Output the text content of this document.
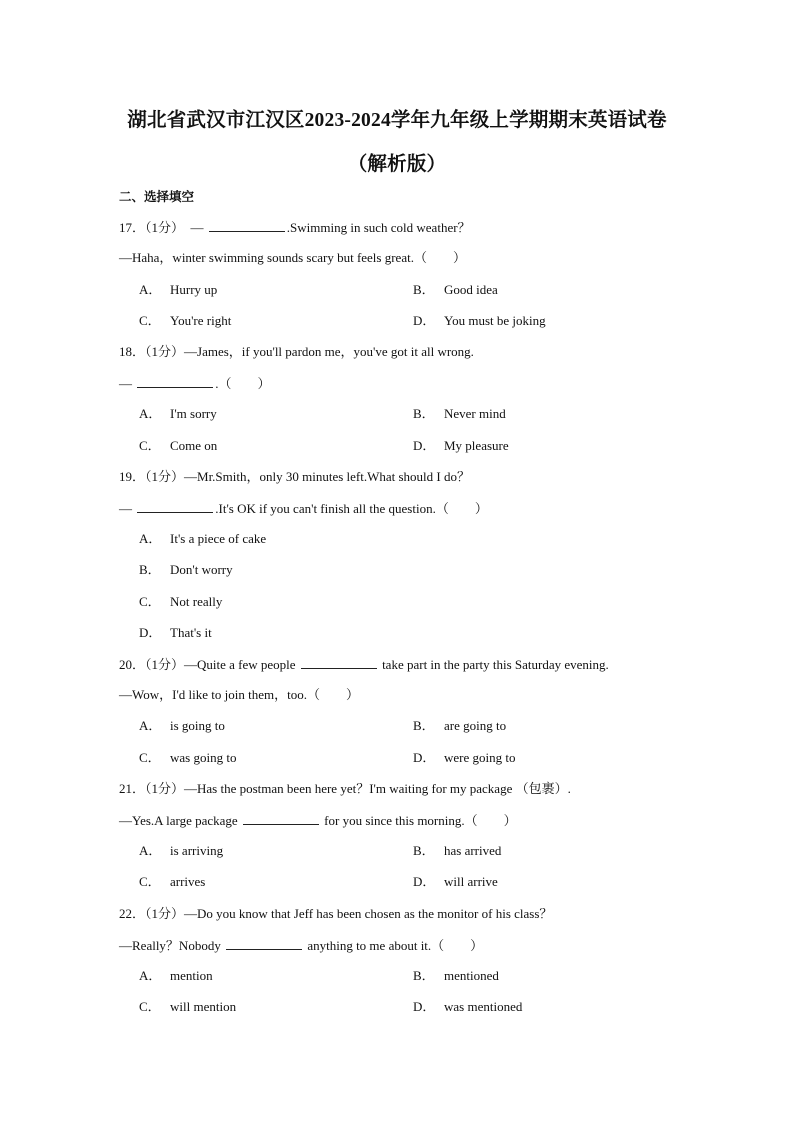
湖北省武汉市江汉区2023-2024学年九年级上学期期末英语试卷
（解析版）
二、选择填空
17．（1分） —	.Swimming in such cold weather？
—Haha，winter swimming sounds scary but feels great.（　　）
A． Hurry up	B． Good idea
C． You're right	D． You must be joking
18．（1分）—James，if you'll pardon me，you've got it all wrong.
—	.（　　）
A． I'm sorry	B． Never mind
C． Come on	D． My pleasure
19．（1分）—Mr.Smith，only 30 minutes left.What should I do？
—	.It's OK if you can't finish all the question.（　　）
A． It's a piece of cake
B． Don't worry
C． Not really
D． That's it
20．（1分）—Quite a few people	take part in the party this Saturday evening.
—Wow，I'd like to join them，too.（　　）
A． is going to	B． are going to
C． was going to	D． were going to
21．（1分）—Has the postman been here yet？I'm waiting for my package （包裹）.
—Yes.A large package	for you since this morning.（　　）
A． is arriving	B． has arrived
C． arrives	D． will arrive
22．（1分）—Do you know that Jeff has been chosen as the monitor of his class？
—Really？Nobody	anything to me about it.（　　）
A． mention	B． mentioned
C． will mention	D． was mentioned
